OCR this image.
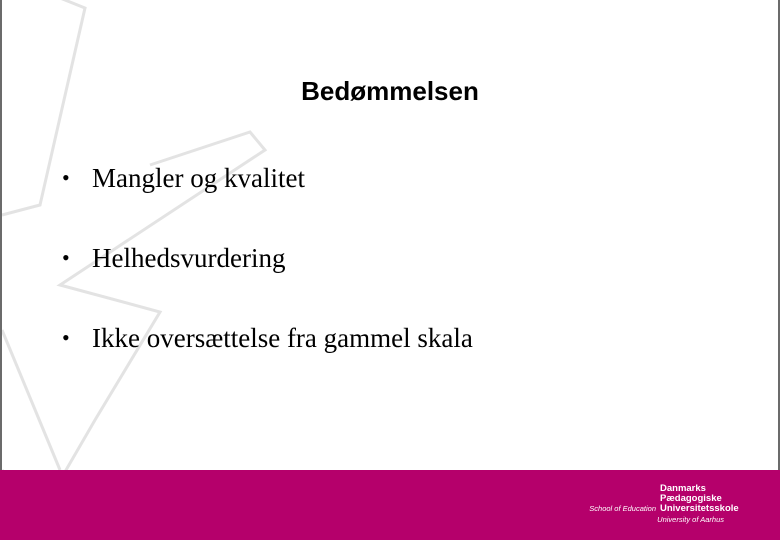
Bedømmelsen
• Mangler og kvalitet
• Helhedsvurdering
• Ikke oversættelse fra gammel skala
Danmarks
Pædagogiske
Universitetsskole
School of Education
University of Aarhus
